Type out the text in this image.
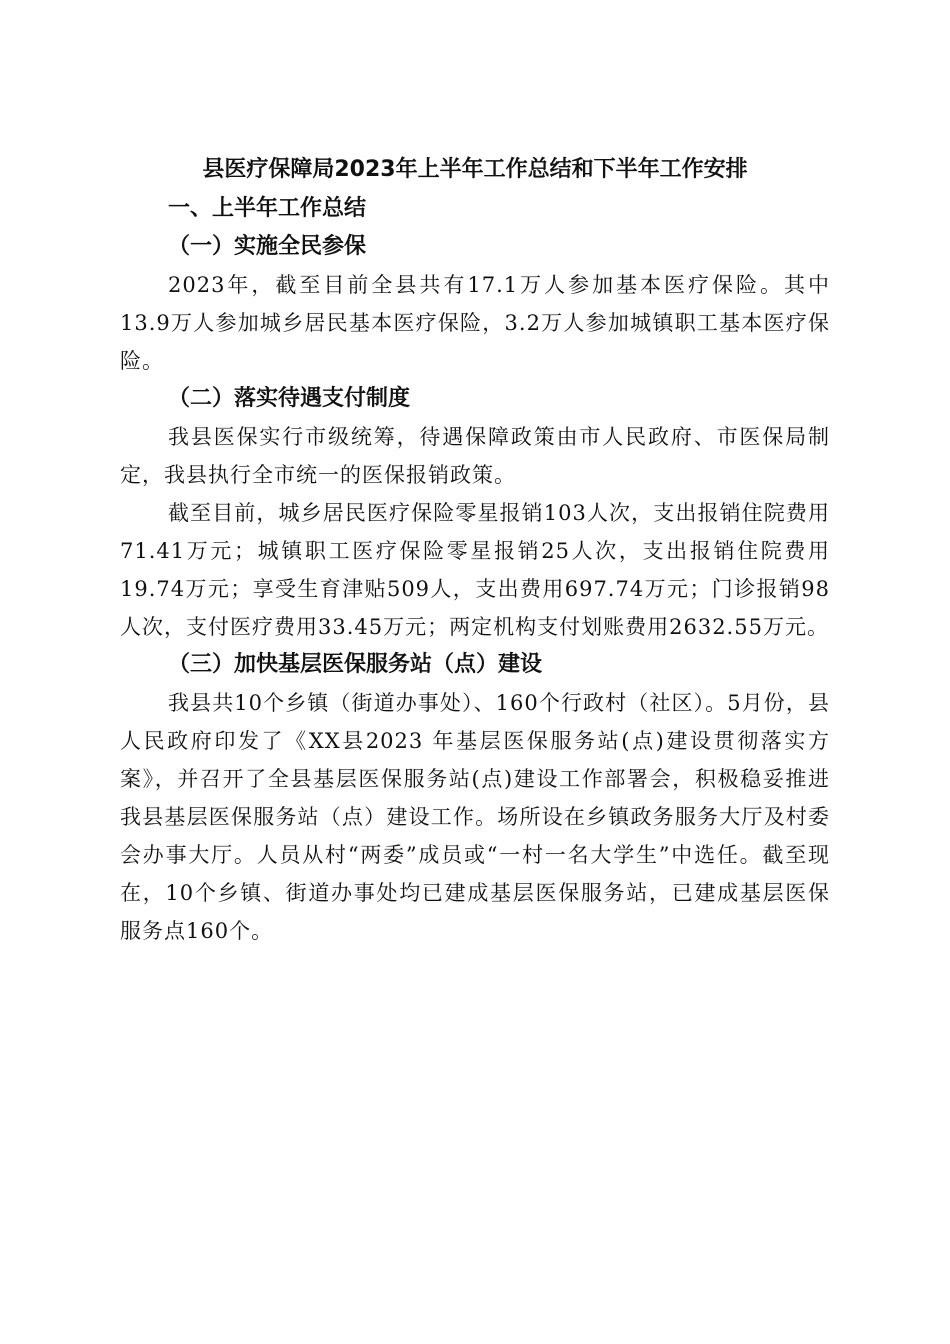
县医疗保障局2023年上半年工作总结和下半年工作安排
一、上半年工作总结
（一）实施全民参保

2023年，截至目前全县共有17.1万人参加基本医疗保险。其中13.9万人参加城乡居民基本医疗保险，3.2万人参加城镇职工基本医疗保险。

（二）落实待遇支付制度

我县医保实行市级统筹，待遇保障政策由市人民政府、市医保局制定，我县执行全市统一的医保报销政策。

截至目前，城乡居民医疗保险零星报销103人次，支出报销住院费用71.41万元；城镇职工医疗保险零星报销25人次，支出报销住院费用19.74万元；享受生育津贴509人，支出费用697.74万元；门诊报销98人次，支付医疗费用33.45万元；两定机构支付划账费用2632.55万元。

（三）加快基层医保服务站（点）建设

我县共10个乡镇（街道办事处）、160个行政村（社区）。5月份，县人民政府印发了《XX县2023 年基层医保服务站(点)建设贯彻落实方案》，并召开了全县基层医保服务站(点)建设工作部署会，积极稳妥推进我县基层医保服务站（点）建设工作。场所设在乡镇政务服务大厅及村委会办事大厅。人员从村“两委”成员或“一村一名大学生”中选任。截至现在，10个乡镇、街道办事处均已建成基层医保服务站，已建成基层医保服务点160个。
